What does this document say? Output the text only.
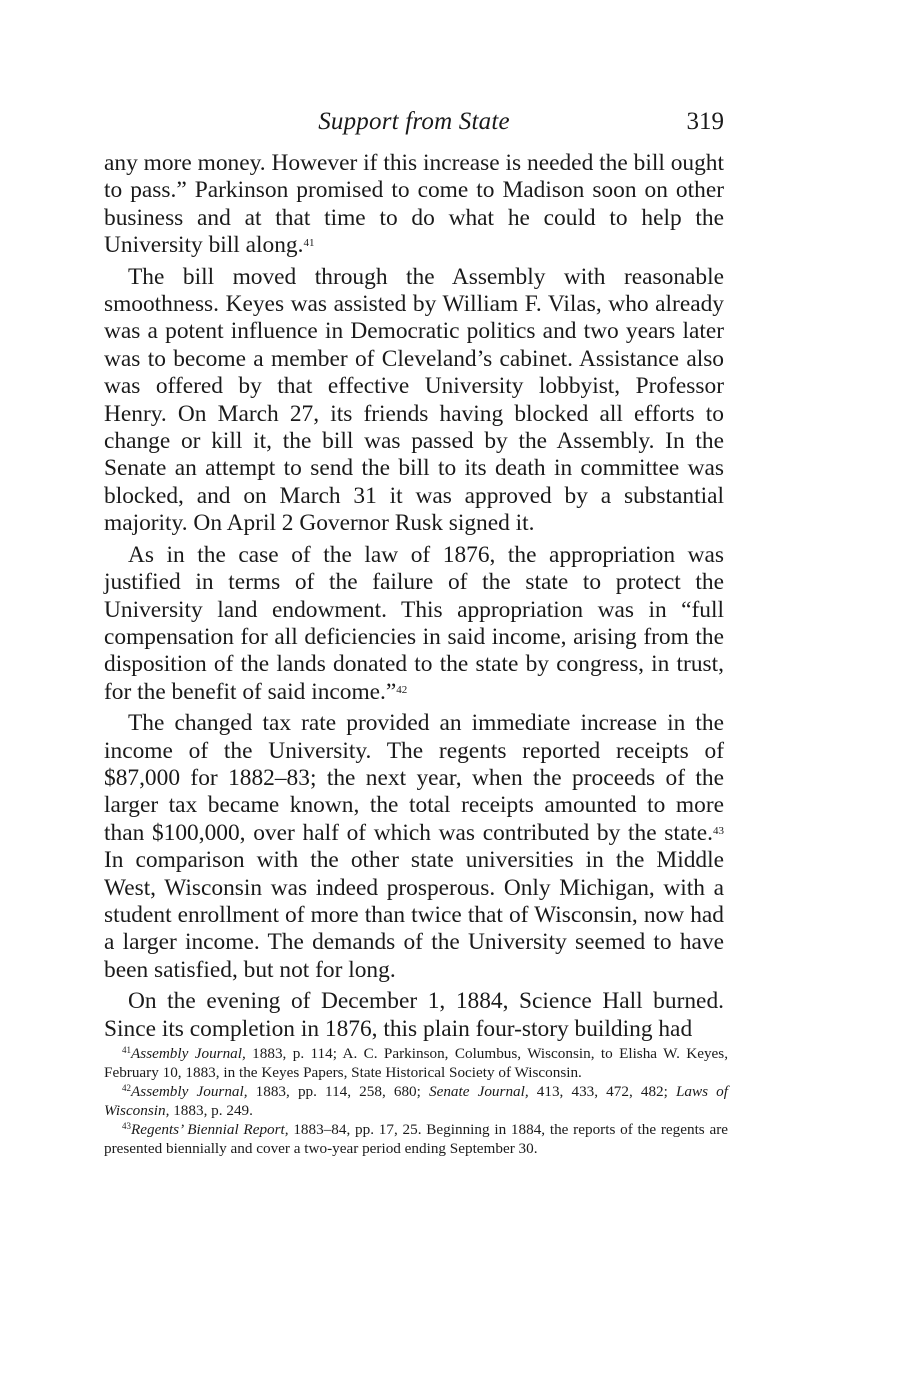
Support from State	319

any more money. However if this increase is needed the bill ought to pass.” Parkinson promised to come to Madison soon on other business and at that time to do what he could to help the University bill along.$^{41}$

The bill moved through the Assembly with reasonable smoothness. Keyes was assisted by William F. Vilas, who already was a potent influence in Democratic politics and two years later was to become a member of Cleveland’s cabinet. Assistance also was offered by that effective University lobbyist, Professor Henry. On March 27, its friends having blocked all efforts to change or kill it, the bill was passed by the Assembly. In the Senate an attempt to send the bill to its death in committee was blocked, and on March 31 it was approved by a substantial majority. On April 2 Governor Rusk signed it.

As in the case of the law of 1876, the appropriation was justified in terms of the failure of the state to protect the University land endowment. This appropriation was in “full compensation for all deficiencies in said income, arising from the disposition of the lands donated to the state by congress, in trust, for the benefit of said income.”$^{42}$

The changed tax rate provided an immediate increase in the income of the University. The regents reported receipts of $87,000 for 1882–83; the next year, when the proceeds of the larger tax became known, the total receipts amounted to more than $100,000, over half of which was contributed by the state.$^{43}$ In comparison with the other state universities in the Middle West, Wisconsin was indeed prosperous. Only Michigan, with a student enrollment of more than twice that of Wisconsin, now had a larger income. The demands of the University seemed to have been satisfied, but not for long.

On the evening of December 1, 1884, Science Hall burned. Since its completion in 1876, this plain four-story building had

$^{41}$Assembly Journal, 1883, p. 114; A. C. Parkinson, Columbus, Wisconsin, to Elisha W. Keyes, February 10, 1883, in the Keyes Papers, State Historical Society of Wisconsin.

$^{42}$Assembly Journal, 1883, pp. 114, 258, 680; Senate Journal, 413, 433, 472, 482; Laws of Wisconsin, 1883, p. 249.

$^{43}$Regents’ Biennial Report, 1883–84, pp. 17, 25. Beginning in 1884, the reports of the regents are presented biennially and cover a two-year period ending September 30.
